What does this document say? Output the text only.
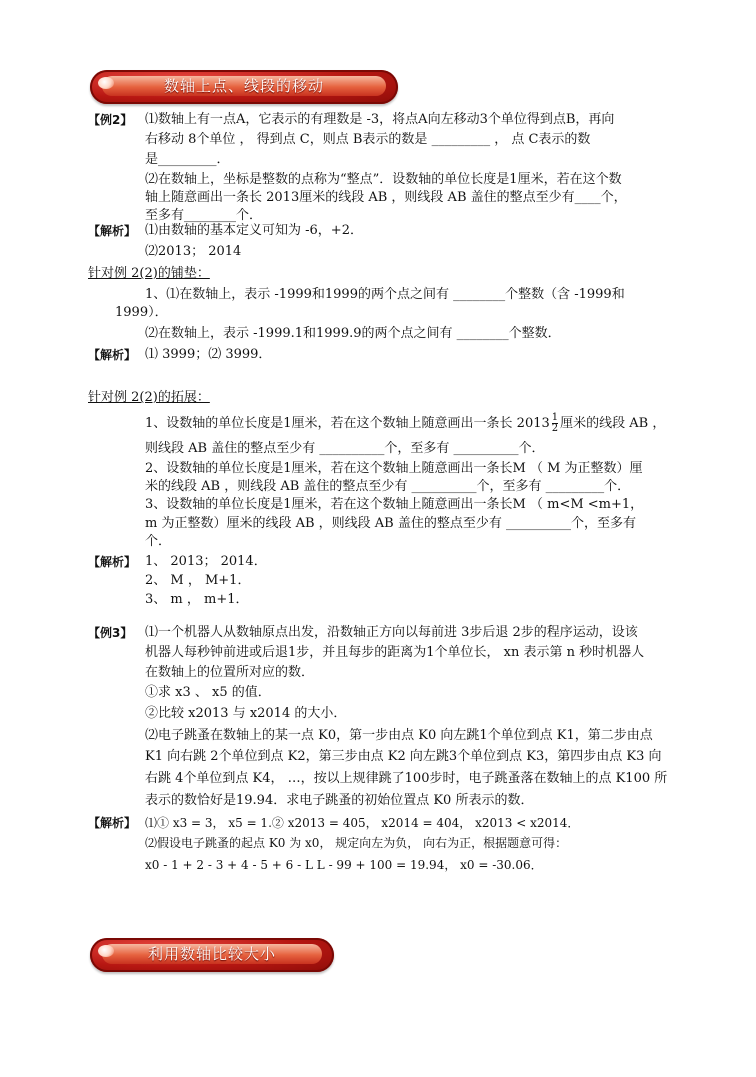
数轴上点、线段的移动
【例2】 ⑴数轴上有一点A，它表示的有理数是 -3，将点A向左移动3个单位得到点B，再向
右移动 8个单位 ， 得到点 C，则点 B表示的数是 _________ ， 点 C表示的数
是_________．
⑵在数轴上，坐标是整数的点称为“整点”．设数轴的单位长度是1厘米，若在这个数
轴上随意画出一条长 2013厘米的线段 AB ，则线段 AB 盖住的整点至少有____个，
至多有________个．
【解析】 ⑴由数轴的基本定义可知为 -6，+2．
⑵2013； 2014
针对例 2(2)的铺垫：
1、⑴在数轴上，表示 -1999和1999的两个点之间有 ________个整数（含 -1999和
1999）．
⑵在数轴上，表示 -1999.1和1999.9的两个点之间有 ________个整数．
【解析】 ⑴ 3999；⑵ 3999．
针对例 2(2)的拓展：
1、设数轴的单位长度是1厘米，若在这个数轴上随意画出一条长 $2013 \frac{1}{2}$ 厘米的线段 AB ，
则线段 AB 盖住的整点至少有 __________个，至多有 __________个．
2、设数轴的单位长度是1厘米，若在这个数轴上随意画出一条长M （ M 为正整数）厘
米的线段 AB ，则线段 AB 盖住的整点至少有 __________个，至多有 _________个．
3、设数轴的单位长度是1厘米，若在这个数轴上随意画出一条长M （ m<M <m+1，
m 为正整数）厘米的线段 AB ，则线段 AB 盖住的整点至少有 __________个，至多有
个．
【解析】 1、 2013； 2014．
2、 M ， M+1．
3、 m ， m+1．
【例3】 ⑴一个机器人从数轴原点出发，沿数轴正方向以每前进 3步后退 2步的程序运动，设该
机器人每秒钟前进或后退1步，并且每步的距离为1个单位长， xn 表示第 n 秒时机器人
在数轴上的位置所对应的数．
①求 x3 、 x5 的值．
②比较 x2013 与 x2014 的大小．
⑵电子跳蚤在数轴上的某一点 K0，第一步由点 K0 向左跳1个单位到点 K1，第二步由点
K1 向右跳 2个单位到点 K2，第三步由点 K2 向左跳3个单位到点 K3，第四步由点 K3 向
右跳 4个单位到点 K4， …，按以上规律跳了100步时，电子跳蚤落在数轴上的点 K100 所
表示的数恰好是19.94．求电子跳蚤的初始位置点 K0 所表示的数．
【解析】 ⑴① x3 = 3， x5 = 1.② x2013 = 405， x2014 = 404， x2013 < x2014．
⑵假设电子跳蚤的起点 K0 为 x0， 规定向左为负， 向右为正，根据题意可得：
x0 - 1 + 2 - 3 + 4 - 5 + 6 - L L - 99 + 100 = 19.94， x0 = -30.06．
利用数轴比较大小
